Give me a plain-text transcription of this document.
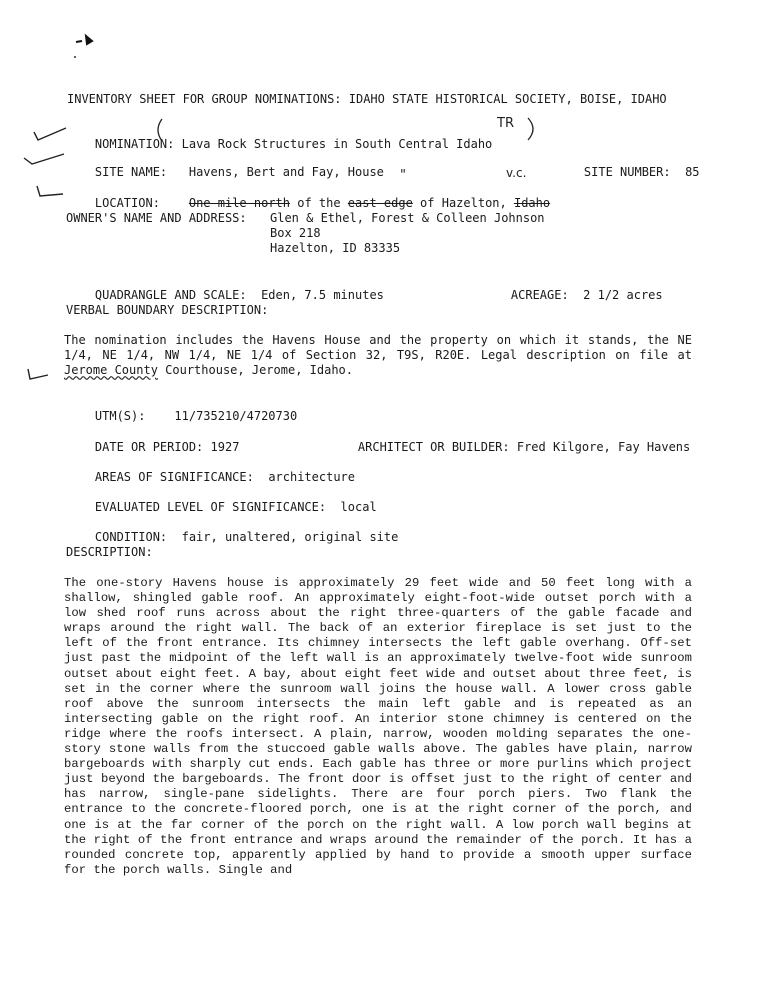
INVENTORY SHEET FOR GROUP NOMINATIONS: IDAHO STATE HISTORICAL SOCIETY, BOISE, IDAHO

NOMINATION: Lava Rock Structures in South Central Idaho

TR

SITE NAME: Havens, Bert and Fay, House
	SITE NUMBER: 85

"	v.c.

LOCATION: One mile north of the east edge of Hazelton, Idaho

OWNER'S NAME AND ADDRESS: Glen & Ethel, Forest & Colleen Johnson
Box 218
Hazelton, ID 83335

QUADRANGLE AND SCALE: Eden, 7.5 minutes
	ACREAGE: 2 1/2 acres

VERBAL BOUNDARY DESCRIPTION:
The nomination includes the Havens House and the property on which it stands, the NE 1/4, NE 1/4, NW 1/4, NE 1/4 of Section 32, T9S, R20E. Legal description on file at Jerome County Courthouse, Jerome, Idaho.

UTM(S): 11/735210/4720730

DATE OR PERIOD: 1927
	ARCHITECT OR BUILDER: Fred Kilgore, Fay Havens

AREAS OF SIGNIFICANCE: architecture

EVALUATED LEVEL OF SIGNIFICANCE: local

CONDITION: fair, unaltered, original site

DESCRIPTION:
The one-story Havens house is approximately 29 feet wide and 50 feet long with a shallow, shingled gable roof. An approximately eight-foot-wide outset porch with a low shed roof runs across about the right three-quarters of the gable facade and wraps around the right wall. The back of an exterior fireplace is set just to the left of the front entrance. Its chimney intersects the left gable overhang. Off-set just past the midpoint of the left wall is an approximately twelve-foot wide sunroom outset about eight feet. A bay, about eight feet wide and outset about three feet, is set in the corner where the sunroom wall joins the house wall. A lower cross gable roof above the sunroom intersects the main left gable and is repeated as an intersecting gable on the right roof. An interior stone chimney is centered on the ridge where the roofs intersect. A plain, narrow, wooden molding separates the one-story stone walls from the stuccoed gable walls above. The gables have plain, narrow bargeboards with sharply cut ends. Each gable has three or more purlins which project just beyond the bargeboards. The front door is offset just to the right of center and has narrow, single-pane sidelights. There are four porch piers. Two flank the entrance to the concrete-floored porch, one is at the right corner of the porch, and one is at the far corner of the porch on the right wall. A low porch wall begins at the right of the front entrance and wraps around the remainder of the porch. It has a rounded concrete top, apparently applied by hand to provide a smooth upper surface for the porch walls. Single and
